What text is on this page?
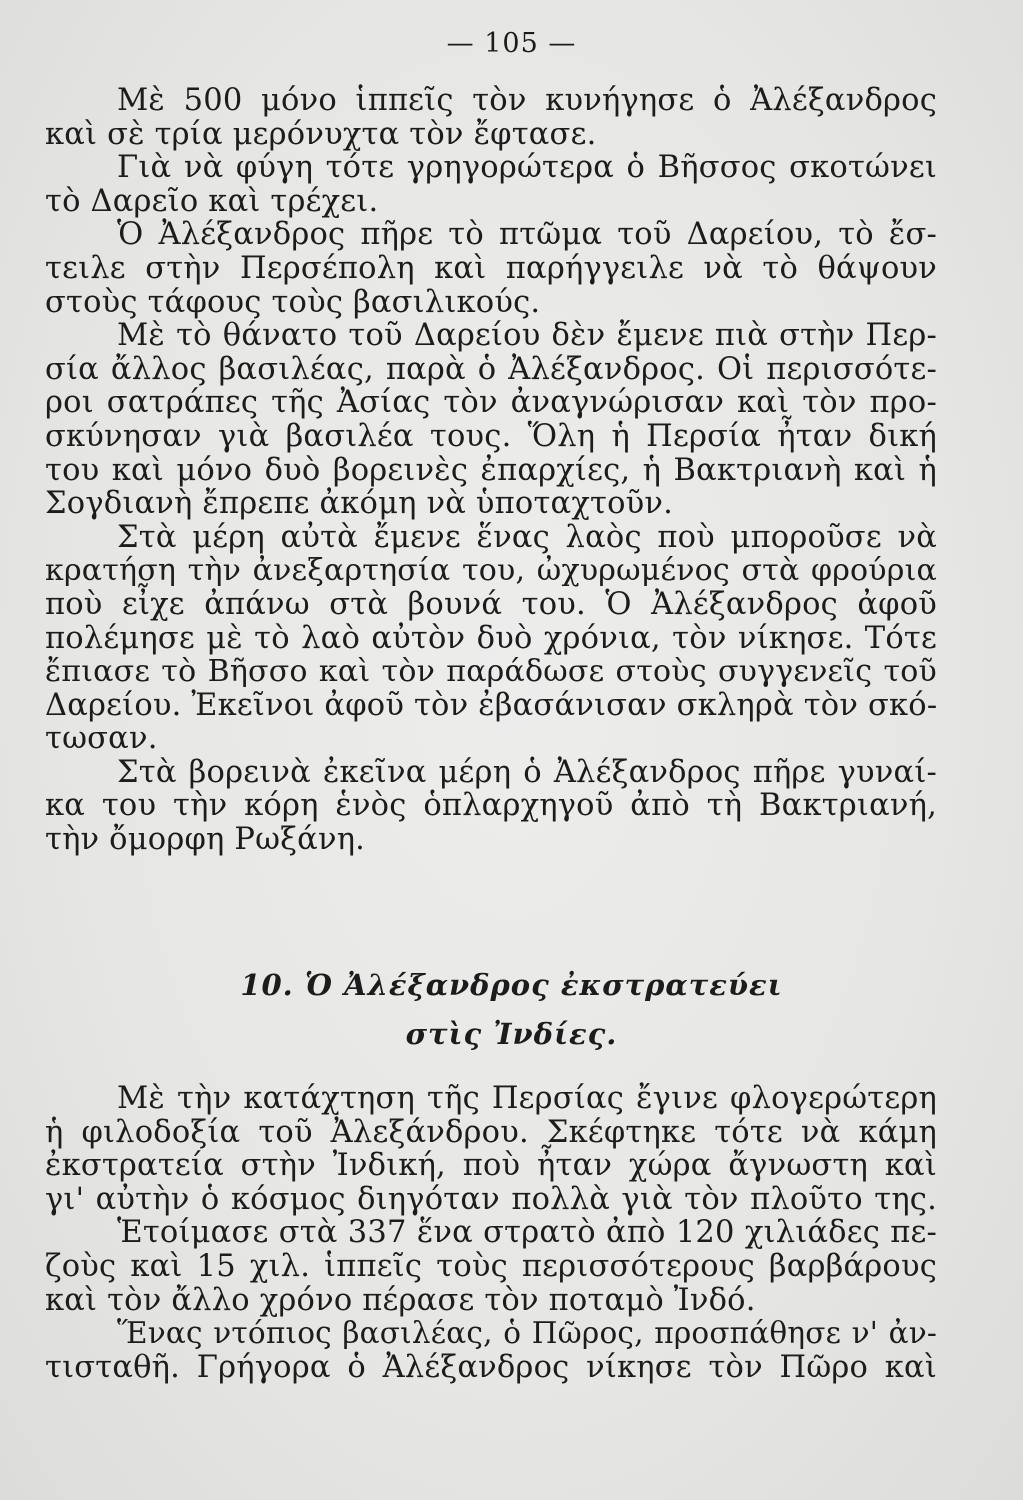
— 105 —
Μὲ 500 μόνο ἱππεῖς τὸν κυνήγησε ὁ Ἀλέξανδρος
καὶ σὲ τρία μερόνυχτα τὸν ἔφτασε.
Γιὰ νὰ φύγη τότε γρηγορώτερα ὁ Βῆσσος σκοτώνει
τὸ Δαρεῖο καὶ τρέχει.
Ὁ Ἀλέξανδρος πῆρε τὸ πτῶμα τοῦ Δαρείου, τὸ ἔσ-
τειλε στὴν Περσέπολη καὶ παρήγγειλε νὰ τὸ θάψουν
στοὺς τάφους τοὺς βασιλικούς.
Μὲ τὸ θάνατο τοῦ Δαρείου δὲν ἔμενε πιὰ στὴν Περ-
σία ἄλλος βασιλέας, παρὰ ὁ Ἀλέξανδρος. Οἱ περισσότε-
ροι σατράπες τῆς Ἀσίας τὸν ἀναγνώρισαν καὶ τὸν προ-
σκύνησαν γιὰ βασιλέα τους. Ὅλη ἡ Περσία ἦταν δική
του καὶ μόνο δυὸ βορεινὲς ἐπαρχίες, ἡ Βακτριανὴ καὶ ἡ
Σογδιανὴ ἔπρεπε ἀκόμη νὰ ὑποταχτοῦν.
Στὰ μέρη αὐτὰ ἔμενε ἕνας λαὸς ποὺ μποροῦσε νὰ
κρατήση τὴν ἀνεξαρτησία του, ὠχυρωμένος στὰ φρούρια
ποὺ εἶχε ἀπάνω στὰ βουνά του. Ὁ Ἀλέξανδρος ἀφοῦ
πολέμησε μὲ τὸ λαὸ αὐτὸν δυὸ χρόνια, τὸν νίκησε. Τότε
ἔπιασε τὸ Βῆσσο καὶ τὸν παράδωσε στοὺς συγγενεῖς τοῦ
Δαρείου. Ἐκεῖνοι ἀφοῦ τὸν ἐβασάνισαν σκληρὰ τὸν σκό-
τωσαν.
Στὰ βορεινὰ ἐκεῖνα μέρη ὁ Ἀλέξανδρος πῆρε γυναί-
κα του τὴν κόρη ἑνὸς ὁπλαρχηγοῦ ἀπὸ τὴ Βακτριανή,
τὴν ὄμορφη Ρωξάνη.
10. Ὁ Ἀλέξανδρος ἐκστρατεύει
στὶς Ἰνδίες.
Μὲ τὴν κατάχτηση τῆς Περσίας ἔγινε φλογερώτερη
ἡ φιλοδοξία τοῦ Ἀλεξάνδρου. Σκέφτηκε τότε νὰ κάμη
ἐκστρατεία στὴν Ἰνδική, ποὺ ἦταν χώρα ἄγνωστη καὶ
γι' αὐτὴν ὁ κόσμος διηγόταν πολλὰ γιὰ τὸν πλοῦτο της.
Ἑτοίμασε στὰ 337 ἕνα στρατὸ ἀπὸ 120 χιλιάδες πε-
ζοὺς καὶ 15 χιλ. ἱππεῖς τοὺς περισσότερους βαρβάρους
καὶ τὸν ἄλλο χρόνο πέρασε τὸν ποταμὸ Ἰνδό.
Ἕνας ντόπιος βασιλέας, ὁ Πῶρος, προσπάθησε ν' ἀν-
τισταθῆ. Γρήγορα ὁ Ἀλέξανδρος νίκησε τὸν Πῶρο καὶ
